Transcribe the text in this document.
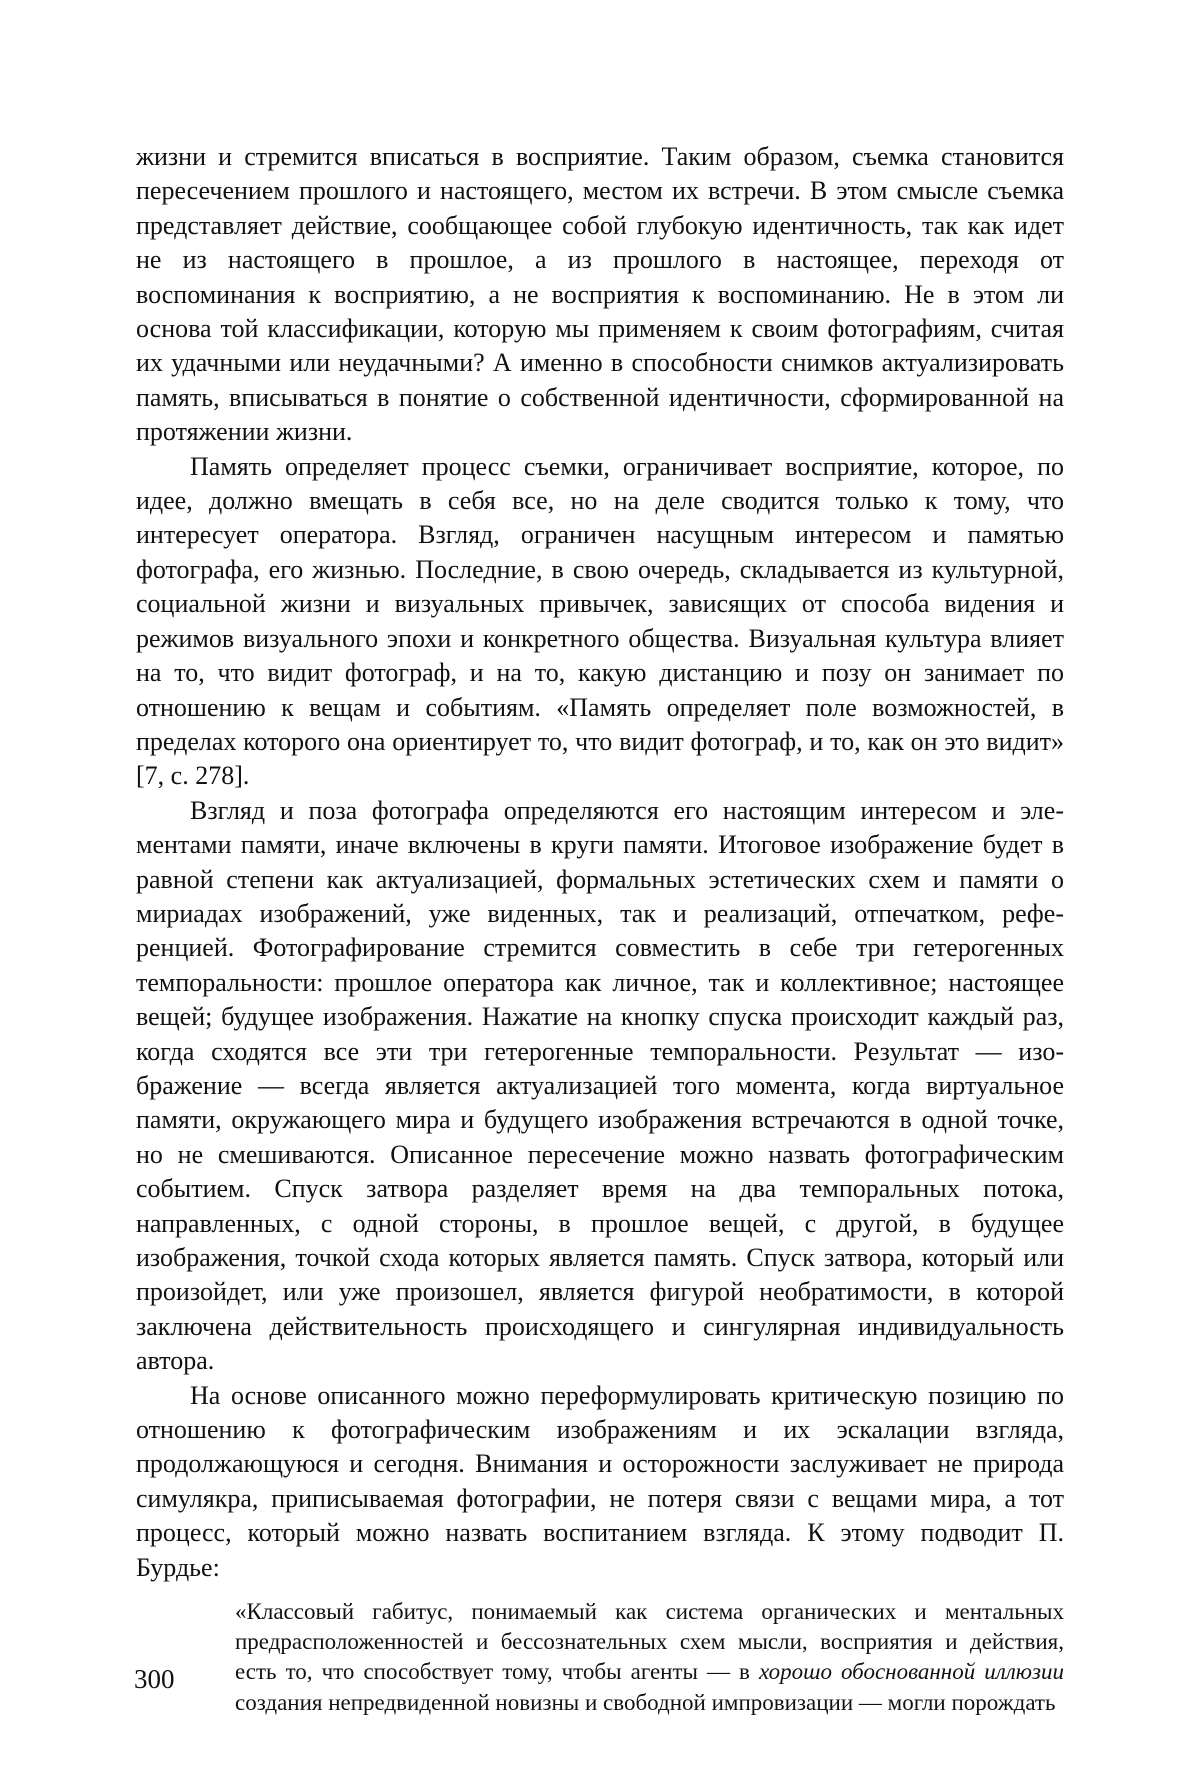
жизни и стремится вписаться в восприятие. Таким образом, съемка становит­ся пересечением прошлого и настоящего, местом их встречи. В этом смысле съемка представляет действие, сообщающее собой глубокую идентичность, так как идет не из настоящего в прошлое, а из прошлого в настоящее, переходя от воспоминания к восприятию, а не восприятия к воспоминанию. Не в этом ли основа той классификации, которую мы применяем к своим фотографиям, считая их удачными или неудачными? А именно в способности снимков ак­туализировать память, вписываться в понятие о собственной идентичности, сформированной на протяжении жизни.

Память определяет процесс съемки, ограничивает восприятие, которое, по идее, должно вмещать в себя все, но на деле сводится только к тому, что интересует оператора. Взгляд, ограничен насущным интересом и памятью фотографа, его жизнью. Последние, в свою очередь, складывается из куль­турной, социальной жизни и визуальных привычек, зависящих от способа видения и режимов визуального эпохи и конкретного общества. Визуальная культура влияет на то, что видит фотограф, и на то, какую дистанцию и позу он занимает по отношению к вещам и событиям. «Память определяет поле возможностей, в пределах которого она ориентирует то, что видит фотограф, и то, как он это видит» [7, с. 278].

Взгляд и поза фотографа определяются его настоящим интересом и эле­ментами памяти, иначе включены в круги памяти. Итоговое изображение будет в равной степени как актуализацией, формальных эстетических схем и памяти о мириадах изображений, уже виденных, так и реализаций, отпечатком, рефе­ренцией. Фотографирование стремится совместить в себе три гетерогенных темпоральности: прошлое оператора как личное, так и коллективное; настоящее вещей; будущее изображения. Нажатие на кнопку спуска происходит каждый раз, когда сходятся все эти три гетерогенные темпоральности. Результат — изо­бражение — всегда является актуализацией того момента, когда виртуальное памяти, окружающего мира и будущего изображения встречаются в одной точке, но не смешиваются. Описанное пересечение можно назвать фотогра­фическим событием. Спуск затвора разделяет время на два темпоральных потока, направленных, с одной стороны, в прошлое вещей, с другой, в будущее изображения, точкой схода которых является память. Спуск затвора, кото­рый или произойдет, или уже произошел, является фигурой необратимости, в которой заключена действительность происходящего и сингулярная инди­видуальность автора.

На основе описанного можно переформулировать критическую позицию по отношению к фотографическим изображениям и их эскалации взгляда, продолжающуюся и сегодня. Внимания и осторожности заслуживает не при­рода симулякра, приписываемая фотографии, не потеря связи с вещами мира, а тот процесс, который можно назвать воспитанием взгляда. К этому подводит П. Бурдье:

«Классовый габитус, понимаемый как система органических и ментальных предрасположенностей и бессознательных схем мысли, восприятия и действия, есть то, что способствует тому, чтобы агенты — в хорошо обоснованной иллюзии создания непредвиденной новизны и свободной импровизации — могли порождать

300
